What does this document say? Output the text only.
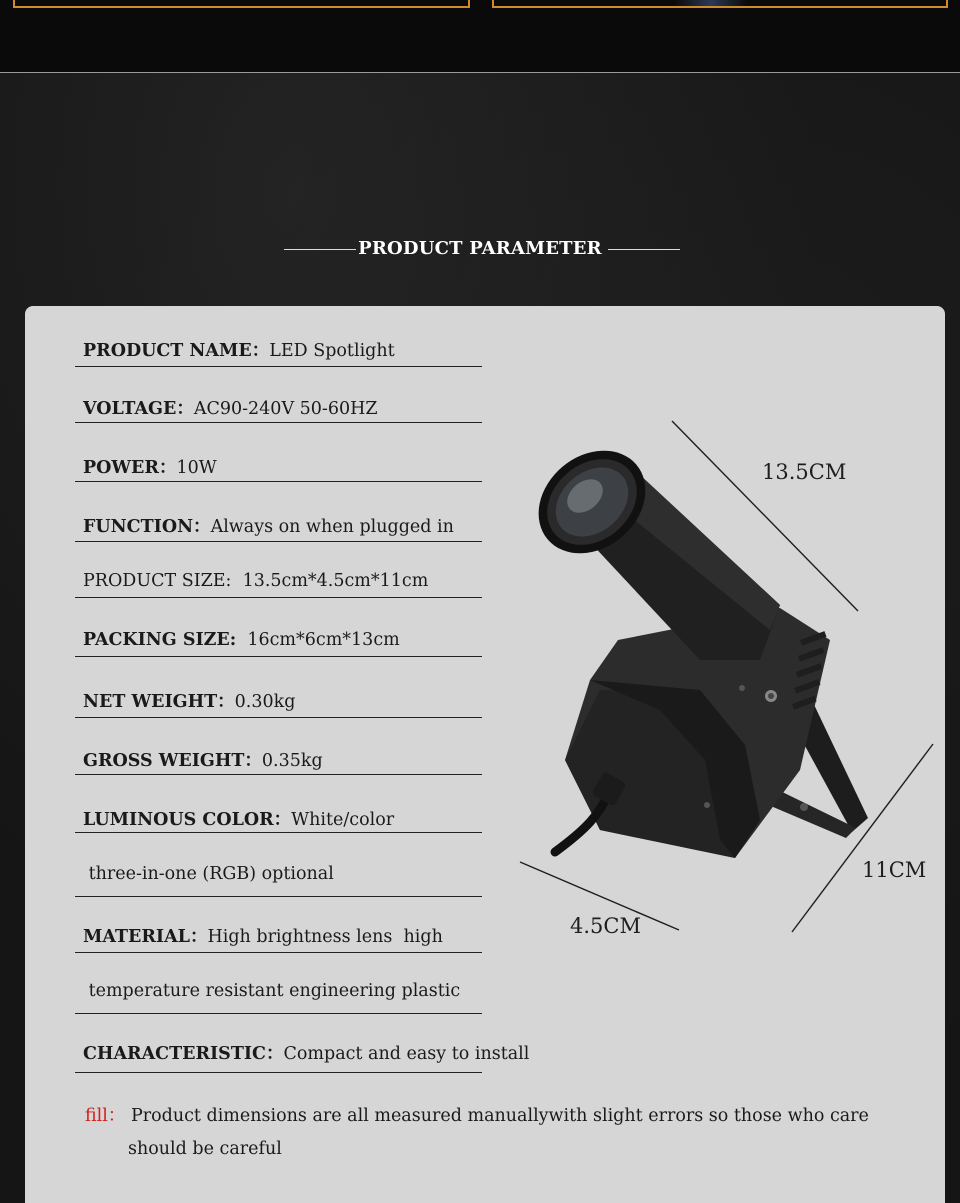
PRODUCT PARAMETER
PRODUCT NAME：LED Spotlight
VOLTAGE：AC90-240V 50-60HZ
POWER：10W
FUNCTION：Always on when plugged in
PRODUCT SIZE:  13.5cm*4.5cm*11cm
PACKING SIZE:  16cm*6cm*13cm
NET WEIGHT：0.30kg
GROSS WEIGHT：0.35kg
LUMINOUS COLOR：White/color
three-in-one (RGB) optional
MATERIAL：High brightness lens  high
temperature resistant engineering plastic
CHARACTERISTIC：Compact and easy to install
fill： Product dimensions are all measured manuallywith slight errors so those who care
should be careful
13.5CM
11CM
4.5CM
